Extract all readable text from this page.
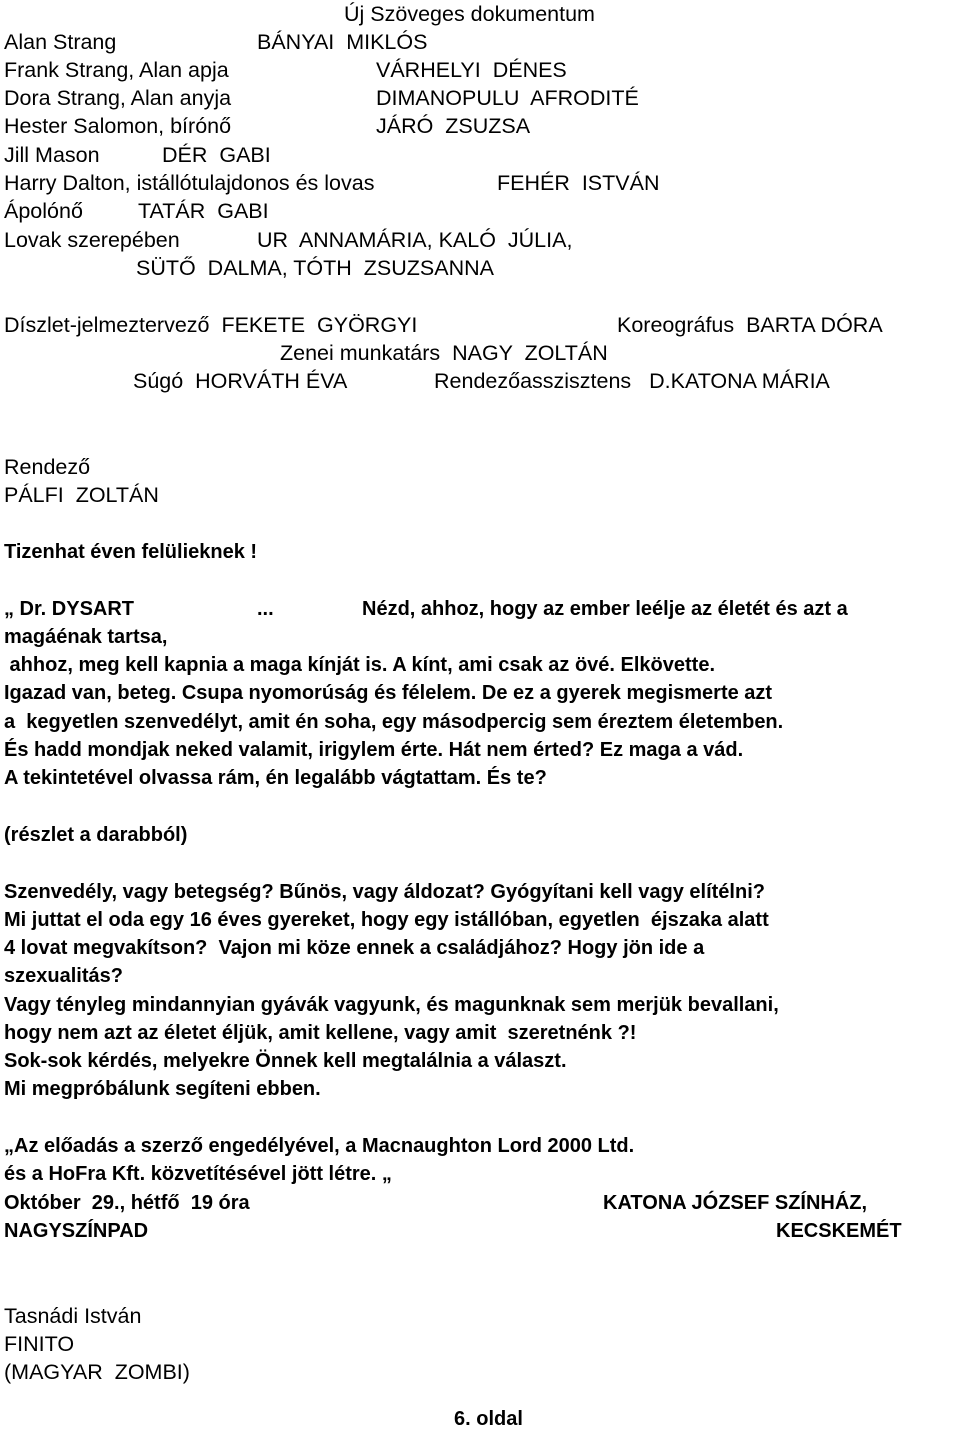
Új Szöveges dokumentum
Alan Strang	BÁNYAI  MIKLÓS
Frank Strang, Alan apja	VÁRHELYI  DÉNES
Dora Strang, Alan anyja	DIMANOPULU  AFRODITÉ
Hester Salomon, bírónő	JÁRÓ  ZSUZSA
Jill Mason	DÉR  GABI
Harry Dalton, istállótulajdonos és lovas	FEHÉR  ISTVÁN
Ápolónő	TATÁR  GABI
Lovak szerepében	UR  ANNAMÁRIA, KALÓ  JÚLIA,
SÜTŐ  DALMA, TÓTH  ZSUZSANNA
Díszlet-jelmeztervező  FEKETE  GYÖRGYI	Koreográfus  BARTA DÓRA
Zenei munkatárs  NAGY  ZOLTÁN
Súgó  HORVÁTH ÉVA	Rendezőasszisztens   D.KATONA MÁRIA
Rendező
PÁLFI  ZOLTÁN
Tizenhat éven felülieknek !
„ Dr. DYSART	...	Nézd, ahhoz, hogy az ember leélje az életét és azt a
magáénak tartsa,
ahhoz, meg kell kapnia a maga kínját is. A kínt, ami csak az övé. Elkövette.
Igazad van, beteg. Csupa nyomorúság és félelem. De ez a gyerek megismerte azt
a  kegyetlen szenvedélyt, amit én soha, egy másodpercig sem éreztem életemben.
És hadd mondjak neked valamit, irigylem érte. Hát nem érted? Ez maga a vád.
A tekintetével olvassa rám, én legalább vágtattam. És te?
(részlet a darabból)
Szenvedély, vagy betegség? Bűnös, vagy áldozat? Gyógyítani kell vagy elítélni?
Mi juttat el oda egy 16 éves gyereket, hogy egy istállóban, egyetlen  éjszaka alatt
4 lovat megvakítson?  Vajon mi köze ennek a családjához? Hogy jön ide a
szexualitás?
Vagy tényleg mindannyian gyávák vagyunk, és magunknak sem merjük bevallani,
hogy nem azt az életet éljük, amit kellene, vagy amit  szeretnénk ?!
Sok-sok kérdés, melyekre Önnek kell megtalálnia a választ.
Mi megpróbálunk segíteni ebben.
„Az előadás a szerző engedélyével, a Macnaughton Lord 2000 Ltd.
és a HoFra Kft. közvetítésével jött létre. „
Október  29., hétfő  19 óra	KATONA JÓZSEF SZÍNHÁZ,
NAGYSZÍNPAD	KECSKEMÉT
Tasnádi István
FINITO
(MAGYAR  ZOMBI)
6. oldal
